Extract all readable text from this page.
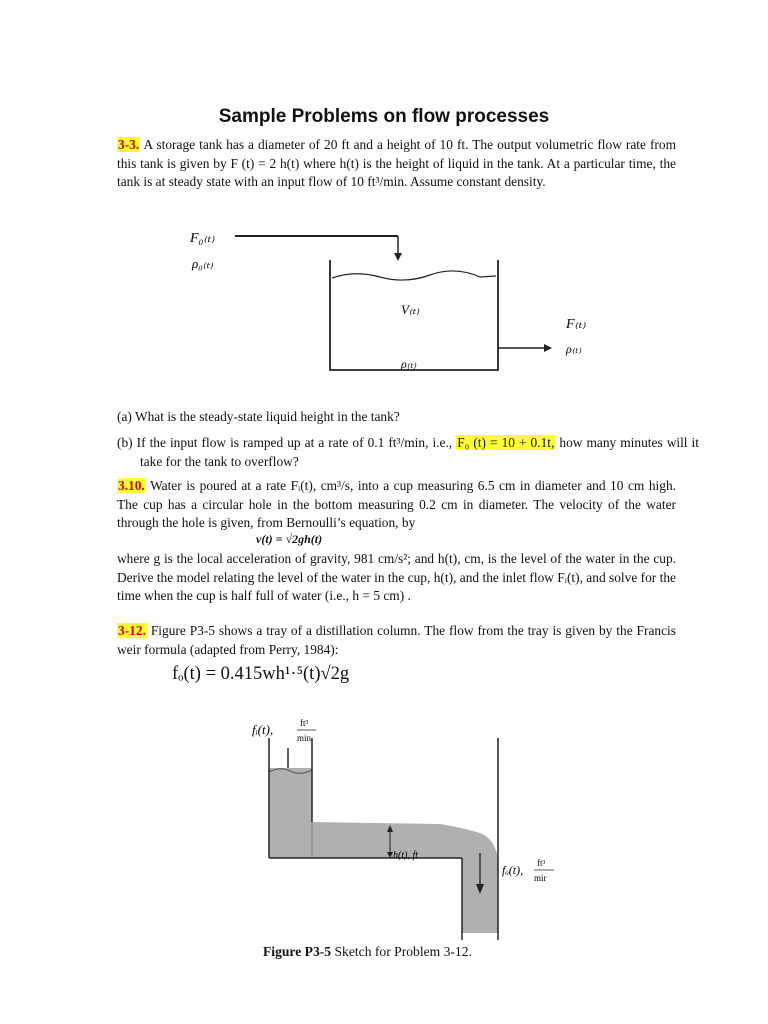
Sample Problems on flow processes

3-3. A storage tank has a diameter of 20 ft and a height of 10 ft. The output volumetric flow rate from this tank is given by F (t) = 2 h(t) where h(t) is the height of liquid in the tank. At a particular time, the tank is at steady state with an input flow of 10 ft³/min. Assume constant density.

F₀₍ₜ₎
ρ₀₍ₜ₎
V₍ₜ₎
ρ₍ₜ₎
F₍ₜ₎
ρ₍ₜ₎

(a) What is the steady-state liquid height in the tank?

(b) If the input flow is ramped up at a rate of 0.1 ft³/min, i.e., F₀ (t) = 10 + 0.1t, how many minutes will it take for the tank to overflow?

3.10. Water is poured at a rate Fᵢ(t), cm³/s, into a cup measuring 6.5 cm in diameter and 10 cm high. The cup has a circular hole in the bottom measuring 0.2 cm in diameter. The velocity of the water through the hole is given, from Bernoulli’s equation, by

v(t) = √2gh(t)

where g is the local acceleration of gravity, 981 cm/s²; and h(t), cm, is the level of the water in the cup. Derive the model relating the level of the water in the cup, h(t), and the inlet flow Fᵢ(t), and solve for the time when the cup is half full of water (i.e., h = 5 cm) .

3-12. Figure P3-5 shows a tray of a distillation column. The flow from the tray is given by the Francis weir formula (adapted from Perry, 1984):

fₒ(t) = 0.415wh¹·⁵(t)√2g
fᵢ(t),	ft³
min
h(t), ft
fₒ(t), ft³
mir
Figure P3-5 Sketch for Problem 3-12.
